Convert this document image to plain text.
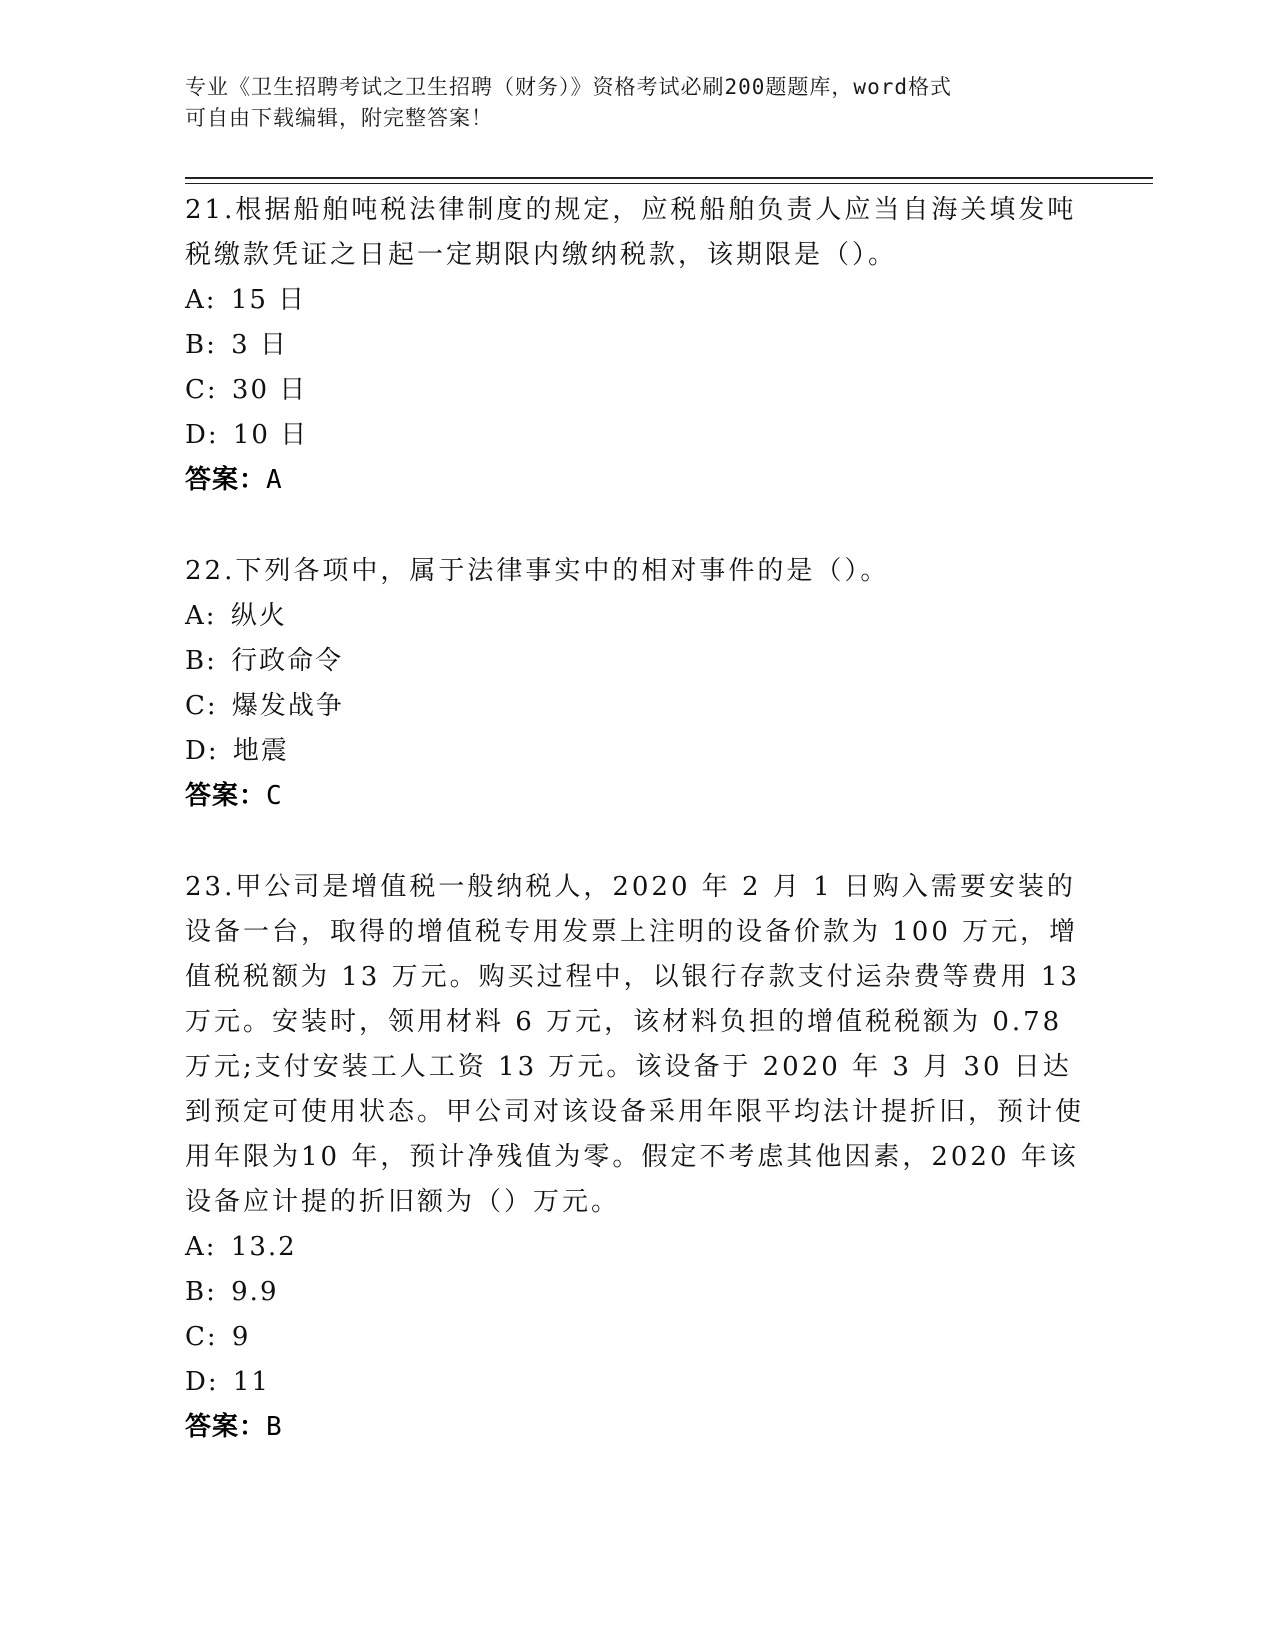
专业《卫生招聘考试之卫生招聘（财务）》资格考试必刷200题题库，word格式
可自由下载编辑，附完整答案！

21.根据船舶吨税法律制度的规定，应税船舶负责人应当自海关填发吨税缴款凭证之日起一定期限内缴纳税款，该期限是（）。

A: 15 日
B: 3 日
C: 30 日
D: 10 日
答案：A

22.下列各项中，属于法律事实中的相对事件的是（）。

A: 纵火
B: 行政命令
C: 爆发战争
D: 地震
答案：C

23.甲公司是增值税一般纳税人，2020 年 2 月 1 日购入需要安装的设备一台，取得的增值税专用发票上注明的设备价款为 100 万元，增值税税额为 13 万元。购买过程中，以银行存款支付运杂费等费用 13 万元。安装时，领用材料 6 万元，该材料负担的增值税税额为 0.78 万元;支付安装工人工资 13 万元。该设备于 2020 年 3 月 30 日达到预定可使用状态。甲公司对该设备采用年限平均法计提折旧，预计使用年限为10 年，预计净残值为零。假定不考虑其他因素，2020 年该设备应计提的折旧额为（）万元。

A: 13.2
B: 9.9
C: 9
D: 11
答案：B
